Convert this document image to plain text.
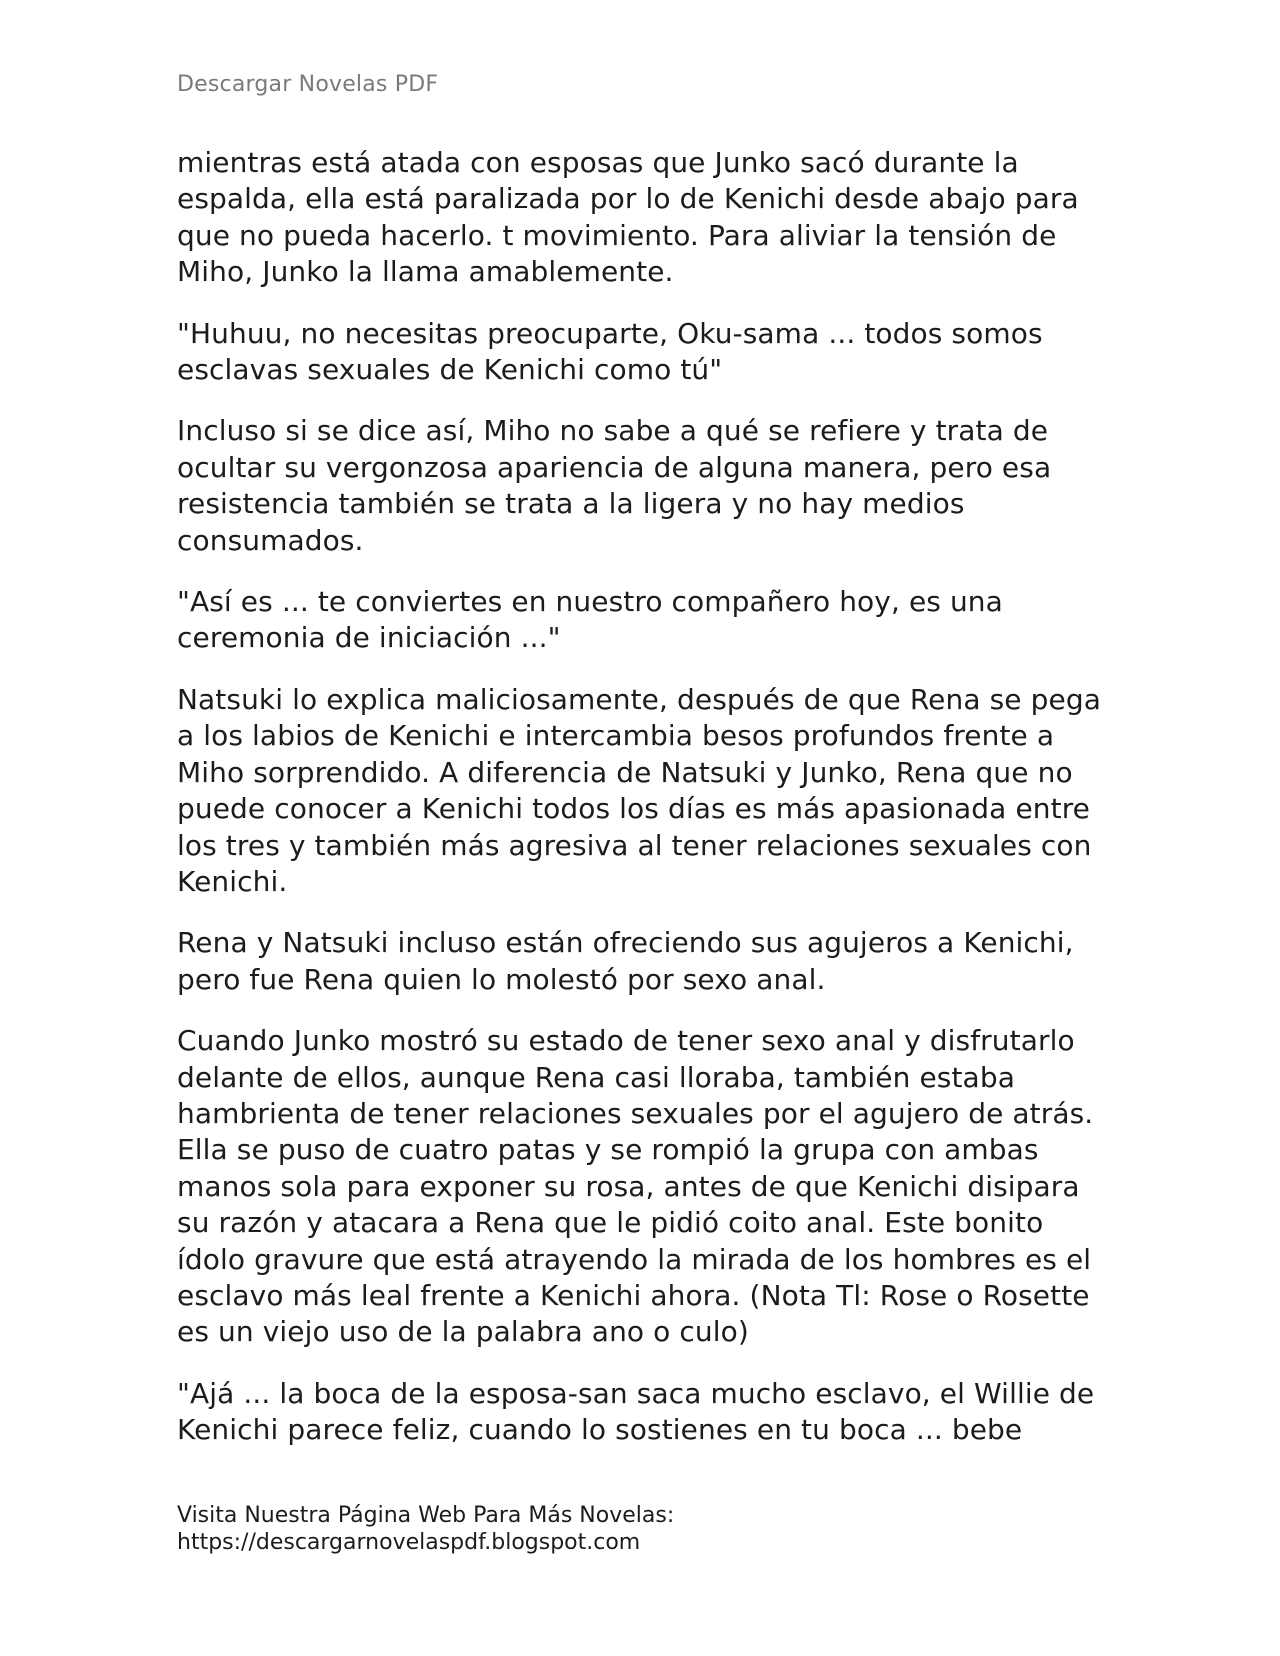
Descargar Novelas PDF

mientras está atada con esposas que Junko sacó durante la espalda, ella está paralizada por lo de Kenichi desde abajo para que no pueda hacerlo. t movimiento. Para aliviar la tensión de Miho, Junko la llama amablemente.

"Huhuu, no necesitas preocuparte, Oku-sama ... todos somos esclavas sexuales de Kenichi como tú"

Incluso si se dice así, Miho no sabe a qué se refiere y trata de ocultar su vergonzosa apariencia de alguna manera, pero esa resistencia también se trata a la ligera y no hay medios consumados.

"Así es ... te conviertes en nuestro compañero hoy, es una ceremonia de iniciación ..."

Natsuki lo explica maliciosamente, después de que Rena se pega a los labios de Kenichi e intercambia besos profundos frente a Miho sorprendido. A diferencia de Natsuki y Junko, Rena que no puede conocer a Kenichi todos los días es más apasionada entre los tres y también más agresiva al tener relaciones sexuales con Kenichi.

Rena y Natsuki incluso están ofreciendo sus agujeros a Kenichi, pero fue Rena quien lo molestó por sexo anal.

Cuando Junko mostró su estado de tener sexo anal y disfrutarlo delante de ellos, aunque Rena casi lloraba, también estaba hambrienta de tener relaciones sexuales por el agujero de atrás. Ella se puso de cuatro patas y se rompió la grupa con ambas manos sola para exponer su rosa, antes de que Kenichi disipara su razón y atacara a Rena que le pidió coito anal. Este bonito ídolo gravure que está atrayendo la mirada de los hombres es el esclavo más leal frente a Kenichi ahora. (Nota Tl: Rose o Rosette es un viejo uso de la palabra ano o culo)

"Ajá ... la boca de la esposa-san saca mucho esclavo, el Willie de Kenichi parece feliz, cuando lo sostienes en tu boca ... bebe

Visita Nuestra Página Web Para Más Novelas:
https://descargarnovelaspdf.blogspot.com
